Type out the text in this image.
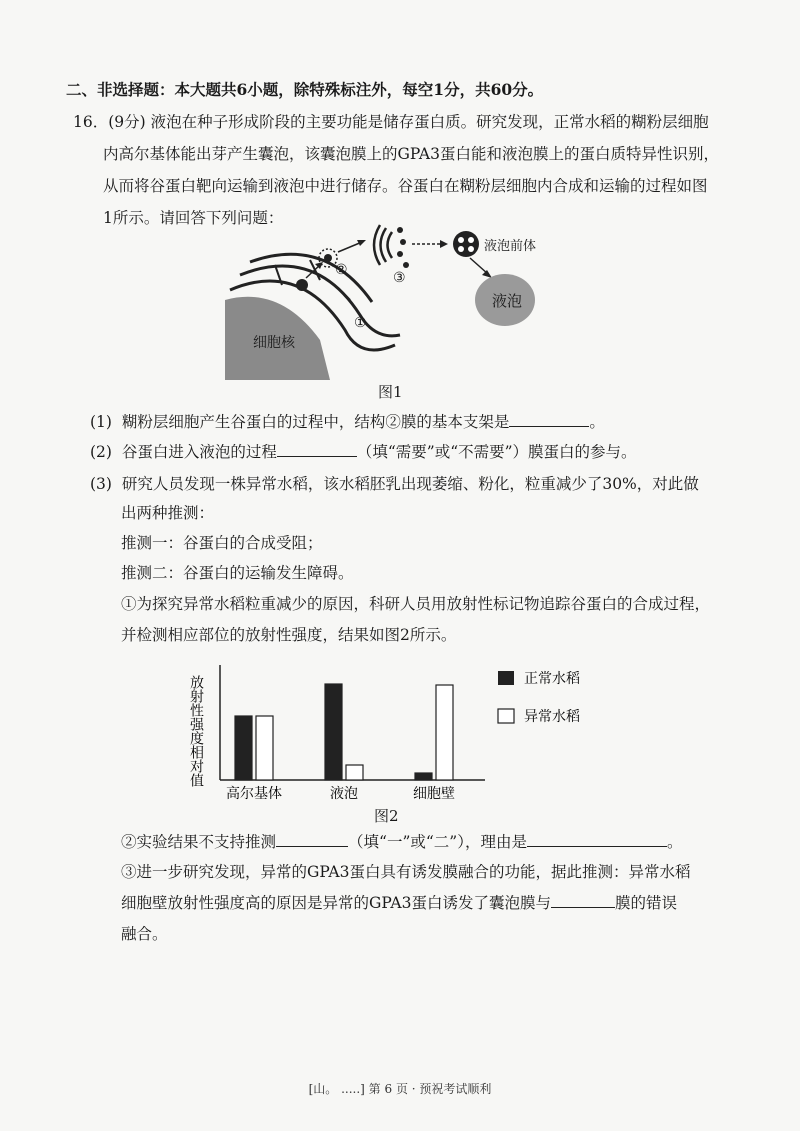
二、非选择题：本大题共6小题，除特殊标注外，每空1分，共60分。
16．(9分) 液泡在种子形成阶段的主要功能是储存蛋白质。研究发现，正常水稻的糊粉层细胞
内高尔基体能出芽产生囊泡，该囊泡膜上的GPA3蛋白能和液泡膜上的蛋白质特异性识别，
从而将谷蛋白靶向运输到液泡中进行储存。谷蛋白在糊粉层细胞内合成和运输的过程如图
1所示。请回答下列问题：
细胞核
液泡
液泡前体
①
②	③
图1
(1) 糊粉层细胞产生谷蛋白的过程中，结构②膜的基本支架是	。
(2) 谷蛋白进入液泡的过程	（填“需要”或“不需要”）膜蛋白的参与。
(3) 研究人员发现一株异常水稻，该水稻胚乳出现萎缩、粉化，粒重减少了30%，对此做
出两种推测：
推测一：谷蛋白的合成受阻；
推测二：谷蛋白的运输发生障碍。
①为探究异常水稻粒重减少的原因，科研人员用放射性标记物追踪谷蛋白的合成过程，
并检测相应部位的放射性强度，结果如图2所示。
放射性强度相对值
高尔基体	液泡	细胞壁
正常水稻
异常水稻
图2
②实验结果不支持推测	（填“一”或“二”），理由是	。
③进一步研究发现，异常的GPA3蛋白具有诱发膜融合的功能，据此推测：异常水稻
细胞壁放射性强度高的原因是异常的GPA3蛋白诱发了囊泡膜与	膜的错误
融合。
[山。 .....] 第 6 页 · 预祝考试顺利
